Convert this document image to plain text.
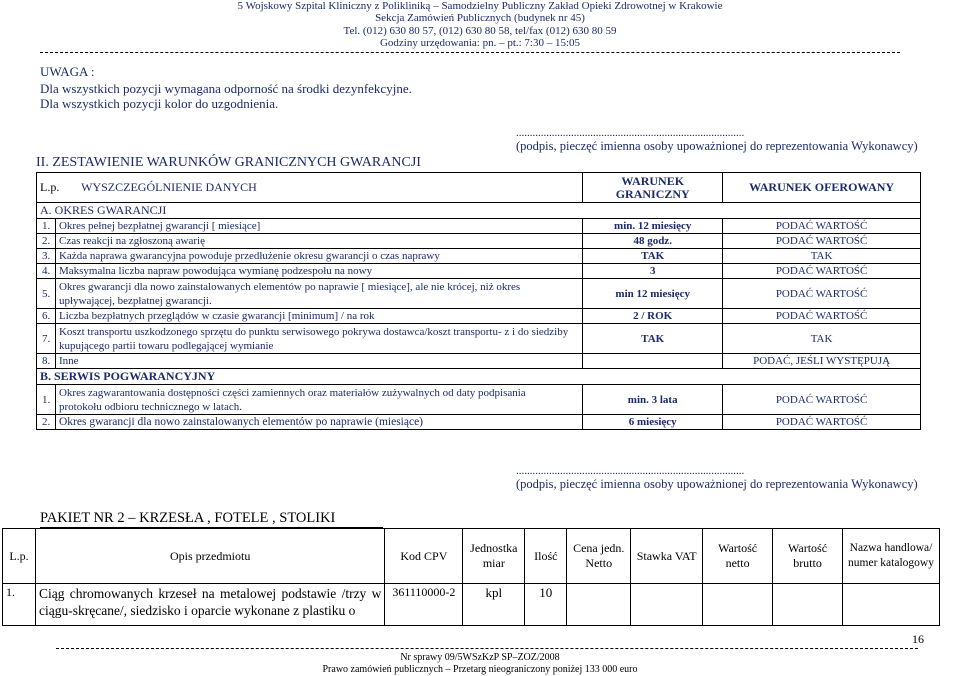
5 Wojskowy Szpital Kliniczny z Polikliniką – Samodzielny Publiczny Zakład Opieki Zdrowotnej w Krakowie
Sekcja Zamówień Publicznych (budynek nr 45)
Tel. (012) 630 80 57, (012) 630 80 58, tel/fax (012) 630 80 59
Godziny urzędowania: pn. – pt.: 7:30 – 15:05
UWAGA :
Dla wszystkich pozycji wymagana odporność na środki dezynfekcyjne.
Dla wszystkich pozycji kolor do uzgodnienia.
...................................................................................
(podpis, pieczęć imienna osoby upoważnionej do reprezentowania Wykonawcy)
II. ZESTAWIENIE WARUNKÓW GRANICZNYCH GWARANCJI
L.p. WYSZCZEGÓLNIENIE DANYCH		WARUNEK GRANICZNY	WARUNEK OFEROWANY
A. OKRES GWARANCJI			
1.	Okres pełnej bezpłatnej gwarancji [ miesiące]	min. 12 miesięcy	PODAĆ WARTOŚĆ
2.	Czas reakcji na zgłoszoną awarię	48 godz.	PODAĆ WARTOŚĆ
3.	Każda naprawa gwarancyjna powoduje przedłużenie okresu gwarancji o czas naprawy	TAK	TAK
4.	Maksymalna liczba napraw powodująca wymianę podzespołu na nowy	3	PODAĆ WARTOŚĆ
5.	Okres gwarancji dla nowo zainstalowanych elementów po naprawie [ miesiące], ale nie krócej, niż okres upływającej, bezpłatnej gwarancji.	min 12 miesięcy	PODAĆ WARTOŚĆ
6.	Liczba bezpłatnych przeglądów w czasie gwarancji [minimum] / na rok	2 / ROK	PODAĆ WARTOŚĆ
7.	Koszt transportu uszkodzonego sprzętu do punktu serwisowego pokrywa dostawca/koszt transportu- z i do siedziby kupującego partii towaru podlegającej wymianie	TAK	TAK
8.	Inne		PODAĆ, JEŚLI WYSTĘPUJĄ
B. SERWIS POGWARANCYJNY			
1.	Okres zagwarantowania dostępności części zamiennych oraz materiałów zużywalnych od daty podpisania protokołu odbioru technicznego w latach.	min. 3 lata	PODAĆ WARTOŚĆ
2.	Okres gwarancji dla nowo zainstalowanych elementów po naprawie (miesiące)	6 miesięcy	PODAĆ WARTOŚĆ
...................................................................................
(podpis, pieczęć imienna osoby upoważnionej do reprezentowania Wykonawcy)
PAKIET NR 2 – KRZESŁA , FOTELE , STOLIKI
L.p.	Opis przedmiotu	Kod CPV	Jednostka miar	Ilość	Cena jedn. Netto	Stawka VAT	Wartość netto	Wartość brutto	Nazwa handlowa/ numer katalogowy
1.	Ciąg chromowanych krzeseł na metalowej podstawie /trzy w ciągu-skręcane/, siedzisko i oparcie wykonane z plastiku o	361110000-2	kpl	10					
16
Nr sprawy 09/5WSzKzP SP–ZOZ/2008
Prawo zamówień publicznych – Przetarg nieograniczony poniżej 133 000 euro
